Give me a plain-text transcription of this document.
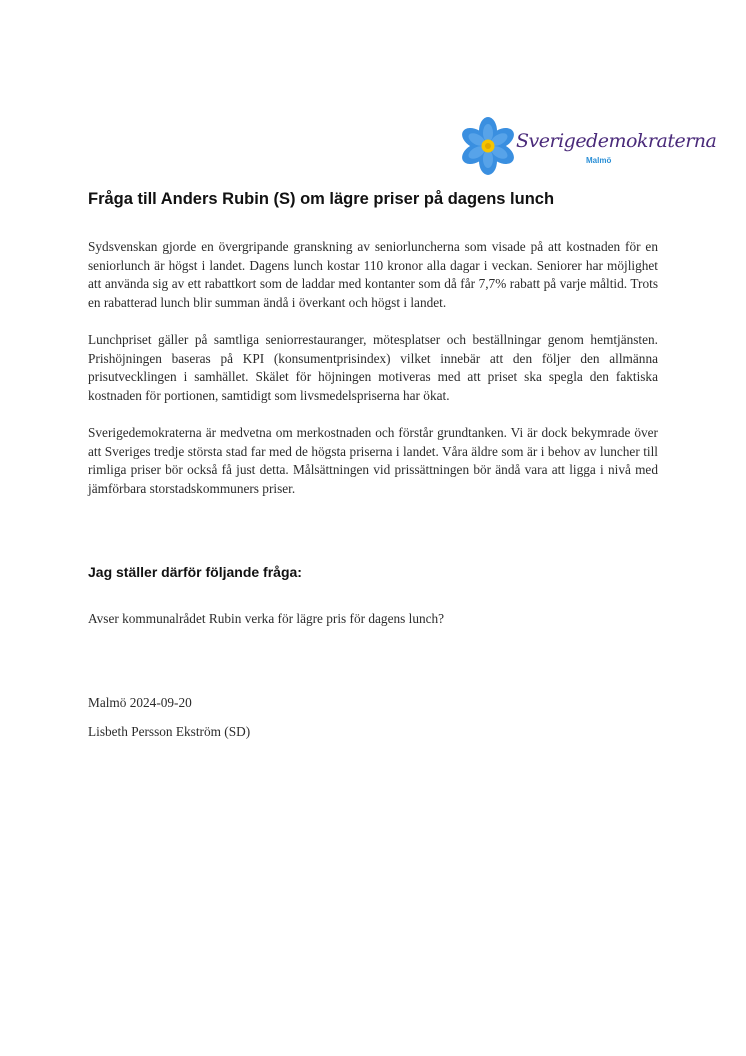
Sverigedemokraterna
Malmö
Fråga till Anders Rubin (S) om lägre priser på dagens lunch

Sydsvenskan gjorde en övergripande granskning av seniorluncherna som visade på att kostnaden för en seniorlunch är högst i landet. Dagens lunch kostar 110 kronor alla dagar i veckan. Seniorer har möjlighet att använda sig av ett rabattkort som de laddar med kontanter som då får 7,7% rabatt på varje måltid. Trots en rabatterad lunch blir summan ändå i överkant och högst i landet.

Lunchpriset gäller på samtliga seniorrestauranger, mötesplatser och beställningar genom hemtjänsten. Prishöjningen baseras på KPI (konsumentprisindex) vilket innebär att den följer den allmänna prisutvecklingen i samhället. Skälet för höjningen motiveras med att priset ska spegla den faktiska kostnaden för portionen, samtidigt som livsmedelspriserna har ökat.

Sverigedemokraterna är medvetna om merkostnaden och förstår grundtanken. Vi är dock bekymrade över att Sveriges tredje största stad far med de högsta priserna i landet. Våra äldre som är i behov av luncher till rimliga priser bör också få just detta. Målsättningen vid prissättningen bör ändå vara att ligga i nivå med jämförbara storstadskommuners priser.

Jag ställer därför följande fråga:

Avser kommunalrådet Rubin verka för lägre pris för dagens lunch?

Malmö 2024-09-20

Lisbeth Persson Ekström (SD)
